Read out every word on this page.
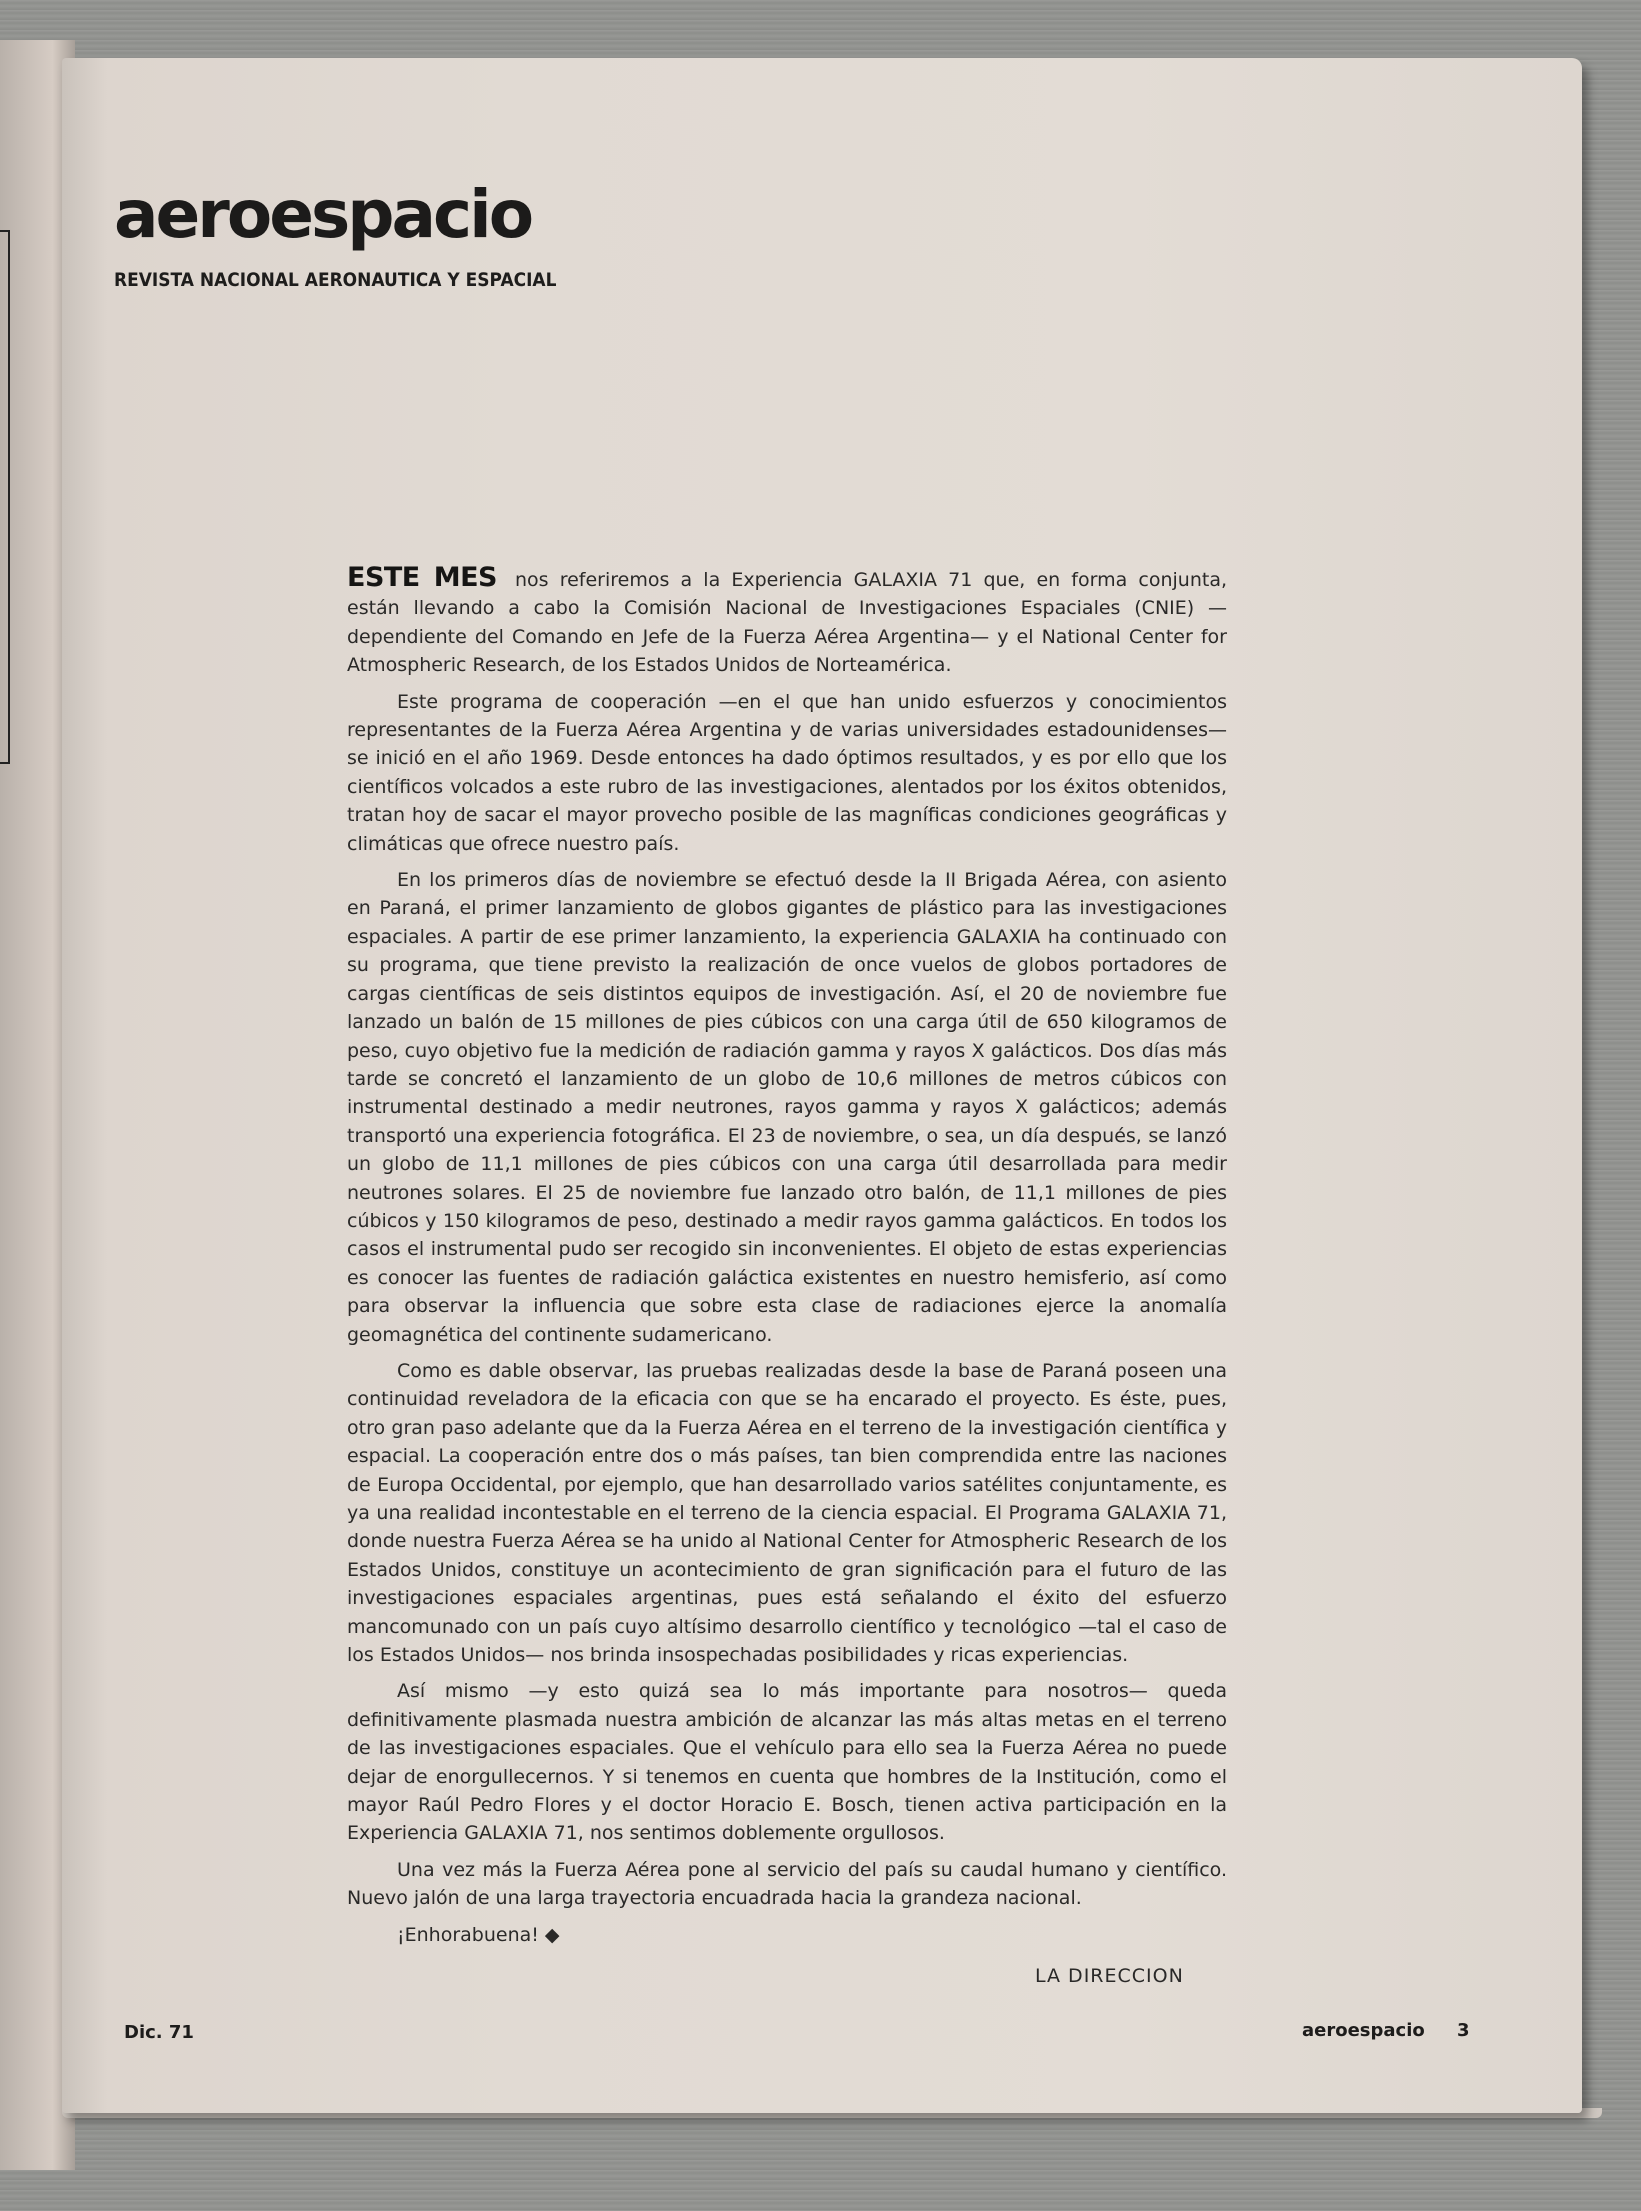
aeroespacio
REVISTA NACIONAL AERONAUTICA Y ESPACIAL

ESTE MES nos referiremos a la Experiencia GALAXIA 71 que, en forma conjunta, están llevando a cabo la Comisión Nacional de Investigaciones Espaciales (CNIE) —dependiente del Comando en Jefe de la Fuerza Aérea Argentina— y el National Center for Atmospheric Research, de los Estados Unidos de Norteamérica.

Este programa de cooperación —en el que han unido esfuerzos y conocimientos representantes de la Fuerza Aérea Argentina y de varias universidades estadounidenses— se inició en el año 1969. Desde entonces ha dado óptimos resultados, y es por ello que los científicos volcados a este rubro de las investigaciones, alentados por los éxitos obtenidos, tratan hoy de sacar el mayor provecho posible de las magníficas condiciones geográficas y climáticas que ofrece nuestro país.

En los primeros días de noviembre se efectuó desde la II Brigada Aérea, con asiento en Paraná, el primer lanzamiento de globos gigantes de plástico para las investigaciones espaciales. A partir de ese primer lanzamiento, la experiencia GALAXIA ha continuado con su programa, que tiene previsto la realización de once vuelos de globos portadores de cargas científicas de seis distintos equipos de investigación. Así, el 20 de noviembre fue lanzado un balón de 15 millones de pies cúbicos con una carga útil de 650 kilogramos de peso, cuyo objetivo fue la medición de radiación gamma y rayos X galácticos. Dos días más tarde se concretó el lanzamiento de un globo de 10,6 millones de metros cúbicos con instrumental destinado a medir neutrones, rayos gamma y rayos X galácticos; además transportó una experiencia fotográfica. El 23 de noviembre, o sea, un día después, se lanzó un globo de 11,1 millones de pies cúbicos con una carga útil desarrollada para medir neutrones solares. El 25 de noviembre fue lanzado otro balón, de 11,1 millones de pies cúbicos y 150 kilogramos de peso, destinado a medir rayos gamma galácticos. En todos los casos el instrumental pudo ser recogido sin inconvenientes. El objeto de estas experiencias es conocer las fuentes de radiación galáctica existentes en nuestro hemisferio, así como para observar la influencia que sobre esta clase de radiaciones ejerce la anomalía geomagnética del continente sudamericano.

Como es dable observar, las pruebas realizadas desde la base de Paraná poseen una continuidad reveladora de la eficacia con que se ha encarado el proyecto. Es éste, pues, otro gran paso adelante que da la Fuerza Aérea en el terreno de la investigación científica y espacial. La cooperación entre dos o más países, tan bien comprendida entre las naciones de Europa Occidental, por ejemplo, que han desarrollado varios satélites conjuntamente, es ya una realidad incontestable en el terreno de la ciencia espacial. El Programa GALAXIA 71, donde nuestra Fuerza Aérea se ha unido al National Center for Atmospheric Research de los Estados Unidos, constituye un acontecimiento de gran significación para el futuro de las investigaciones espaciales argentinas, pues está señalando el éxito del esfuerzo mancomunado con un país cuyo altísimo desarrollo científico y tecnológico —tal el caso de los Estados Unidos— nos brinda insospechadas posibilidades y ricas experiencias.

Así mismo —y esto quizá sea lo más importante para nosotros— queda definitivamente plasmada nuestra ambición de alcanzar las más altas metas en el terreno de las investigaciones espaciales. Que el vehículo para ello sea la Fuerza Aérea no puede dejar de enorgullecernos. Y si tenemos en cuenta que hombres de la Institución, como el mayor Raúl Pedro Flores y el doctor Horacio E. Bosch, tienen activa participación en la Experiencia GALAXIA 71, nos sentimos doblemente orgullosos.

Una vez más la Fuerza Aérea pone al servicio del país su caudal humano y científico. Nuevo jalón de una larga trayectoria encuadrada hacia la grandeza nacional.

¡Enhorabuena! ◆

LA DIRECCION
Dic. 71	aeroespacio 3
